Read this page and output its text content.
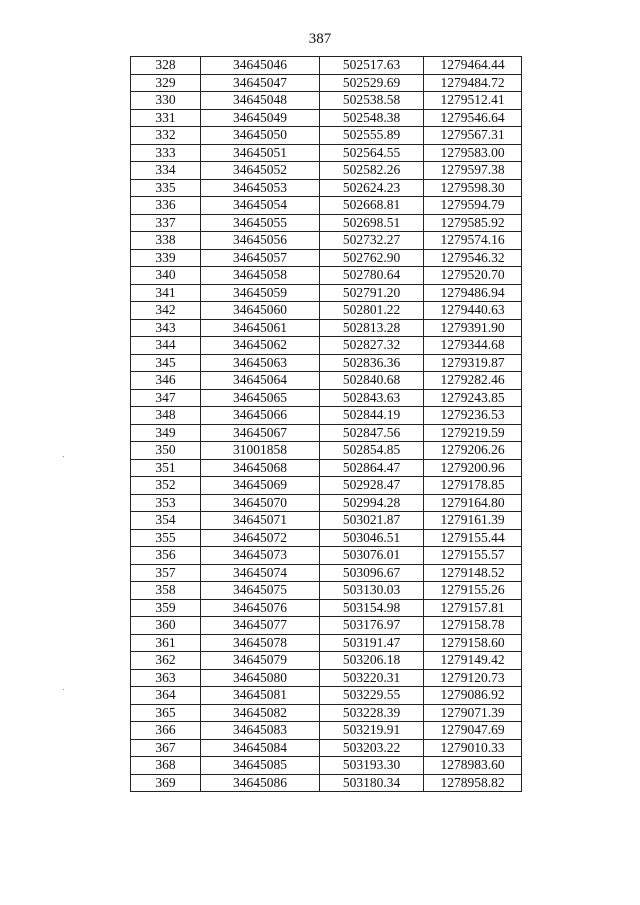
387
328	34645046	502517.63	1279464.44
329	34645047	502529.69	1279484.72
330	34645048	502538.58	1279512.41
331	34645049	502548.38	1279546.64
332	34645050	502555.89	1279567.31
333	34645051	502564.55	1279583.00
334	34645052	502582.26	1279597.38
335	34645053	502624.23	1279598.30
336	34645054	502668.81	1279594.79
337	34645055	502698.51	1279585.92
338	34645056	502732.27	1279574.16
339	34645057	502762.90	1279546.32
340	34645058	502780.64	1279520.70
341	34645059	502791.20	1279486.94
342	34645060	502801.22	1279440.63
343	34645061	502813.28	1279391.90
344	34645062	502827.32	1279344.68
345	34645063	502836.36	1279319.87
346	34645064	502840.68	1279282.46
347	34645065	502843.63	1279243.85
348	34645066	502844.19	1279236.53
349	34645067	502847.56	1279219.59
350	31001858	502854.85	1279206.26
351	34645068	502864.47	1279200.96
352	34645069	502928.47	1279178.85
353	34645070	502994.28	1279164.80
354	34645071	503021.87	1279161.39
355	34645072	503046.51	1279155.44
356	34645073	503076.01	1279155.57
357	34645074	503096.67	1279148.52
358	34645075	503130.03	1279155.26
359	34645076	503154.98	1279157.81
360	34645077	503176.97	1279158.78
361	34645078	503191.47	1279158.60
362	34645079	503206.18	1279149.42
363	34645080	503220.31	1279120.73
364	34645081	503229.55	1279086.92
365	34645082	503228.39	1279071.39
366	34645083	503219.91	1279047.69
367	34645084	503203.22	1279010.33
368	34645085	503193.30	1278983.60
369	34645086	503180.34	1278958.82
